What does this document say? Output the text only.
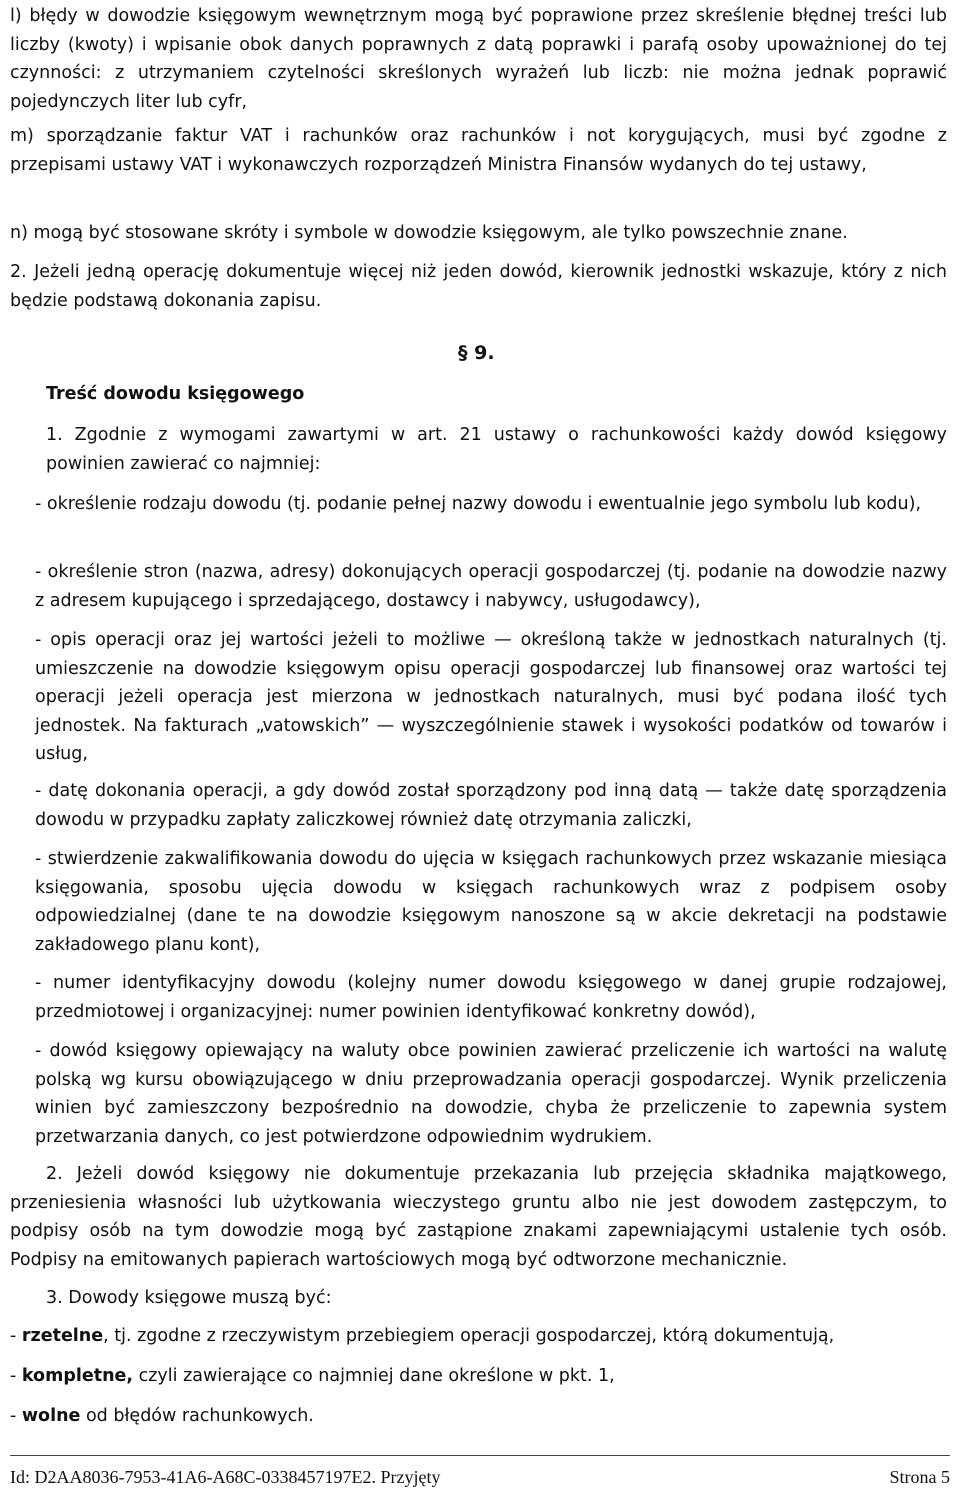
l) błędy w dowodzie księgowym wewnętrznym mogą być poprawione przez skreślenie błędnej treści lub liczby (kwoty) i wpisanie obok danych poprawnych z datą poprawki i parafą osoby upoważnionej do tej czynności: z utrzymaniem czytelności skreślonych wyrażeń lub liczb: nie można jednak poprawić pojedynczych liter lub cyfr,

m) sporządzanie faktur VAT i rachunków oraz rachunków i not korygujących, musi być zgodne z przepisami ustawy VAT i wykonawczych rozporządzeń Ministra Finansów wydanych do tej ustawy,

n) mogą być stosowane skróty i symbole w dowodzie księgowym, ale tylko powszechnie znane.

2. Jeżeli jedną operację dokumentuje więcej niż jeden dowód, kierownik jednostki wskazuje, który z nich będzie podstawą dokonania zapisu.

§ 9.
Treść dowodu księgowego

1. Zgodnie z wymogami zawartymi w art. 21 ustawy o rachunkowości każdy dowód księgowy powinien zawierać co najmniej:

- określenie rodzaju dowodu (tj. podanie pełnej nazwy dowodu i ewentualnie jego symbolu lub kodu),

- określenie stron (nazwa, adresy) dokonujących operacji gospodarczej (tj. podanie na dowodzie nazwy z adresem kupującego i sprzedającego, dostawcy i nabywcy, usługodawcy),

- opis operacji oraz jej wartości jeżeli to możliwe — określoną także w jednostkach naturalnych (tj. umieszczenie na dowodzie księgowym opisu operacji gospodarczej lub finansowej oraz wartości tej operacji jeżeli operacja jest mierzona w jednostkach naturalnych, musi być podana ilość tych jednostek. Na fakturach „vatowskich” — wyszczególnienie stawek i wysokości podatków od towarów i usług,

- datę dokonania operacji, a gdy dowód został sporządzony pod inną datą — także datę sporządzenia dowodu w przypadku zapłaty zaliczkowej również datę otrzymania zaliczki,

- stwierdzenie zakwalifikowania dowodu do ujęcia w księgach rachunkowych przez wskazanie miesiąca księgowania, sposobu ujęcia dowodu w księgach rachunkowych wraz z podpisem osoby odpowiedzialnej (dane te na dowodzie księgowym nanoszone są w akcie dekretacji na podstawie zakładowego planu kont),

- numer identyfikacyjny dowodu (kolejny numer dowodu księgowego w danej grupie rodzajowej, przedmiotowej i organizacyjnej: numer powinien identyfikować konkretny dowód),

- dowód księgowy opiewający na waluty obce powinien zawierać przeliczenie ich wartości na walutę polską wg kursu obowiązującego w dniu przeprowadzania operacji gospodarczej. Wynik przeliczenia winien być zamieszczony bezpośrednio na dowodzie, chyba że przeliczenie to zapewnia system przetwarzania danych, co jest potwierdzone odpowiednim wydrukiem.

2. Jeżeli dowód księgowy nie dokumentuje przekazania lub przejęcia składnika majątkowego, przeniesienia własności lub użytkowania wieczystego gruntu albo nie jest dowodem zastępczym, to podpisy osób na tym dowodzie mogą być zastąpione znakami zapewniającymi ustalenie tych osób. Podpisy na emitowanych papierach wartościowych mogą być odtworzone mechanicznie.

3. Dowody księgowe muszą być:

- rzetelne, tj. zgodne z rzeczywistym przebiegiem operacji gospodarczej, którą dokumentują,

- kompletne, czyli zawierające co najmniej dane określone w pkt. 1,

- wolne od błędów rachunkowych.

Id: D2AA8036-7953-41A6-A68C-0338457197E2. Przyjęty	Strona 5
